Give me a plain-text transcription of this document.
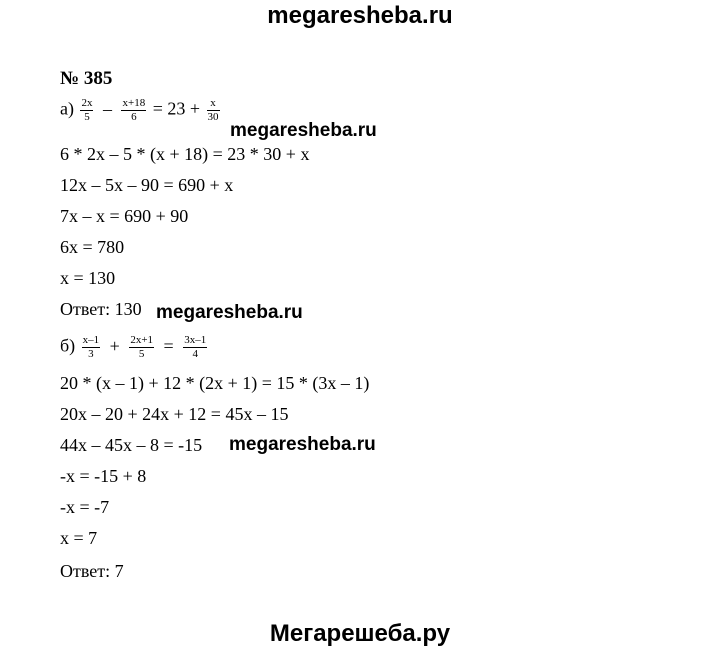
megaresheba.ru
№ 385
$а) \frac{2x}{5} - \frac{x+18}{6} = 23 + \frac{x}{30}$
6 * 2x – 5 * (x + 18) = 23 * 30 + x
12x – 5x – 90 = 690 + x
7x – x = 690 + 90
6x = 780
x = 130
Ответ: 130
$б) \frac{x-1}{3} + \frac{2x+1}{5} = \frac{3x-1}{4}$
20 * (x – 1) + 12 * (2x + 1) = 15 * (3x – 1)
20x – 20 + 24x + 12 = 45x – 15
44x – 45x – 8 = -15
-x = -15 + 8
-x = -7
x = 7
Ответ: 7
megaresheba.ru
megaresheba.ru
megaresheba.ru
Мегарешеба.ру
